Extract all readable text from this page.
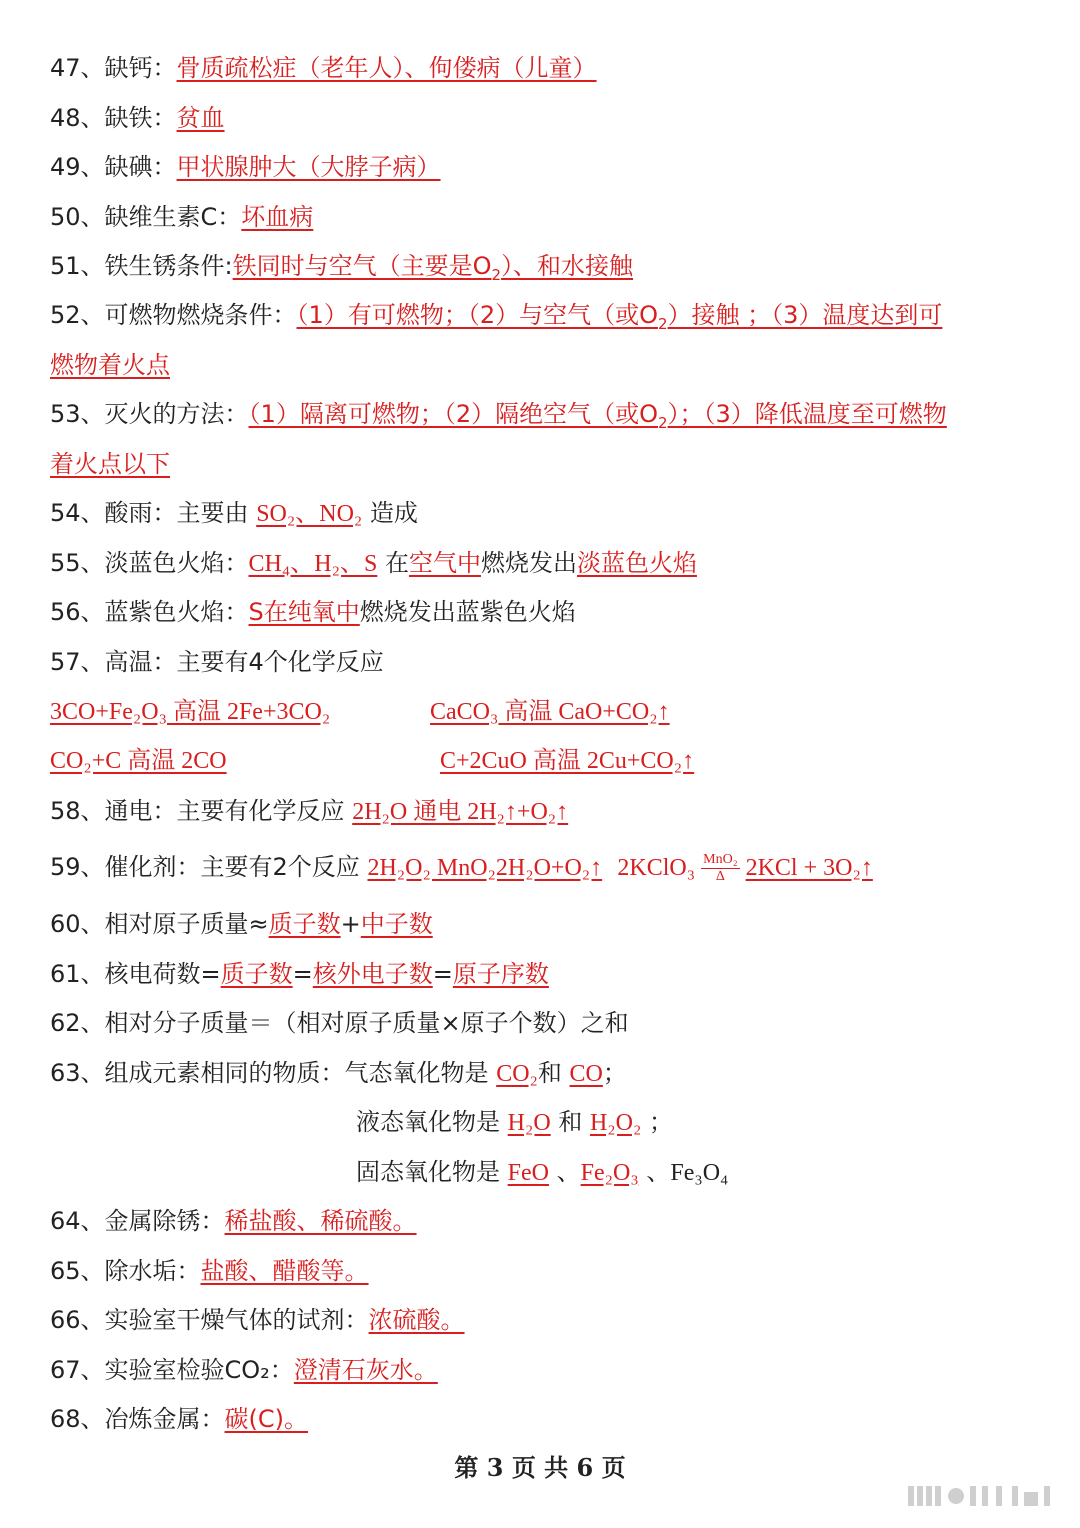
47、缺钙：骨质疏松症（老年人）、佝偻病（儿童）
48、缺铁：贫血
49、缺碘：甲状腺肿大（大脖子病）
50、缺维生素C：坏血病
51、铁生锈条件:铁同时与空气（主要是$O_2$）、和水接触
52、可燃物燃烧条件：（1）有可燃物；（2）与空气（或$O_2$）接触 ；（3）温度达到可
燃物着火点
53、灭火的方法：（1）隔离可燃物；（2）隔绝空气（或$O_2$）；（3）降低温度至可燃物
着火点以下
54、酸雨：主要由 SO₂、NO₂ 造成
55、淡蓝色火焰：CH₄、H₂、S 在空气中燃烧发出淡蓝色火焰
56、蓝紫色火焰：S在纯氧中燃烧发出蓝紫色火焰
57、高温：主要有4个化学反应
3CO+Fe₂O₃ 高温 2Fe+3CO₂	CaCO₃ 高温 CaO+CO₂↑
CO₂+C 高温 2CO	C+2CuO 高温 2Cu+CO₂↑
58、通电：主要有化学反应 2H₂O 通电 2H₂↑+O₂↑
59、催化剂：主要有2个反应 2H₂O₂ MnO₂2H₂O+O₂↑ 2KClO₃ $\frac{\text{MnO₂}}{\Delta} 2KCl$ + 3O₂↑
60、相对原子质量≈质子数+中子数
61、核电荷数=质子数=核外电子数=原子序数
62、相对分子质量＝（相对原子质量×原子个数）之和
63、组成元素相同的物质：气态氧化物是 CO₂和 CO；
液态氧化物是 H₂O 和 H₂O₂ ；
固态氧化物是 FeO 、Fe₂O₃ 、Fe₃O₄
64、金属除锈：稀盐酸、稀硫酸。
65、除水垢：盐酸、醋酸等。
66、实验室干燥气体的试剂：浓硫酸。
67、实验室检验CO₂：澄清石灰水。
68、冶炼金属：碳(C)。
第 3 页 共 6 页
